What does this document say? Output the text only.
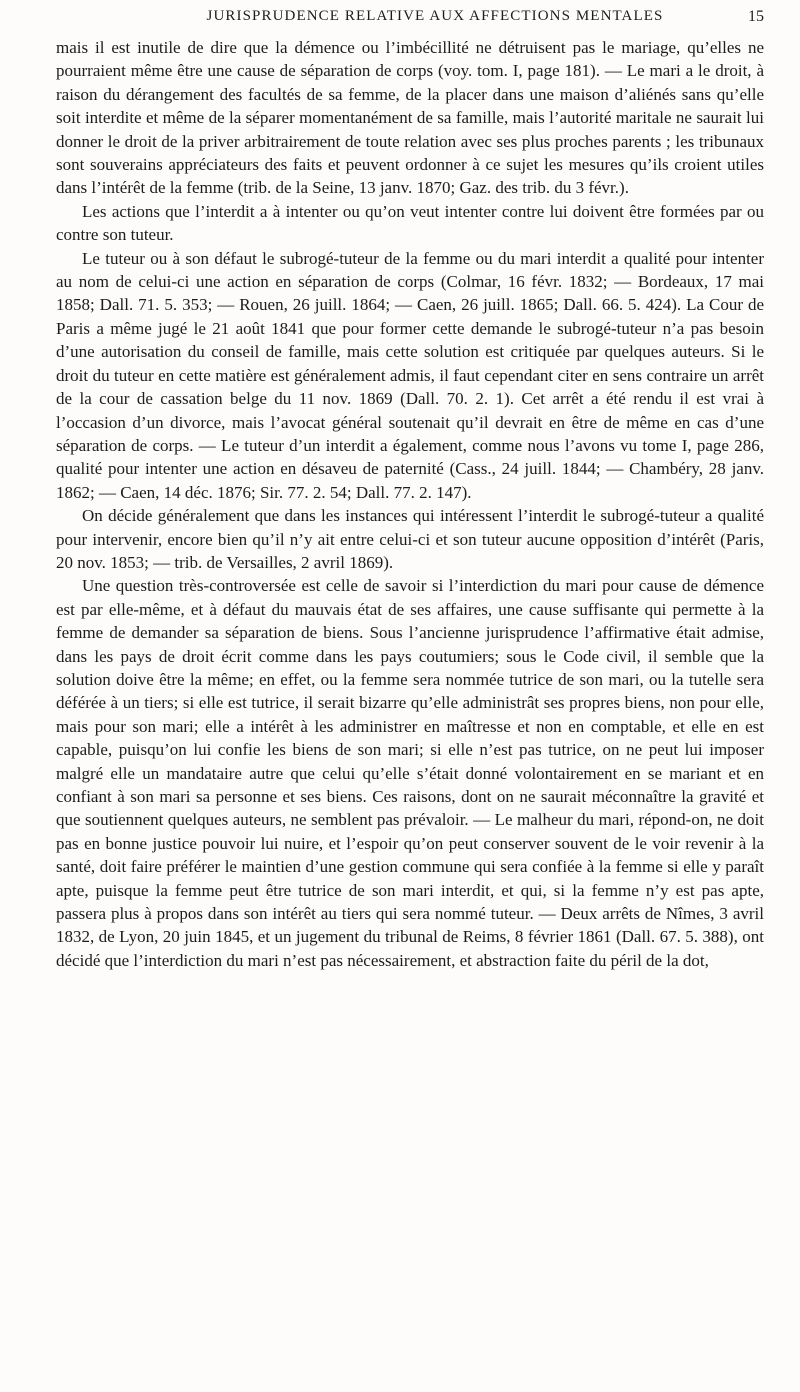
JURISPRUDENCE RELATIVE AUX AFFECTIONS MENTALES	15

mais il est inutile de dire que la démence ou l’imbécillité ne détruisent pas le mariage, qu’elles ne pourraient même être une cause de séparation de corps (voy. tom. I, page 181). — Le mari a le droit, à raison du dérangement des facultés de sa femme, de la placer dans une maison d’aliénés sans qu’elle soit interdite et même de la séparer momentanément de sa famille, mais l’autorité maritale ne saurait lui donner le droit de la priver arbitrairement de toute relation avec ses plus proches parents ; les tribunaux sont souverains appréciateurs des faits et peuvent ordonner à ce sujet les mesures qu’ils croient utiles dans l’intérêt de la femme (trib. de la Seine, 13 janv. 1870; Gaz. des trib. du 3 févr.).

Les actions que l’interdit a à intenter ou qu’on veut intenter contre lui doivent être formées par ou contre son tuteur.

Le tuteur ou à son défaut le subrogé-tuteur de la femme ou du mari interdit a qualité pour intenter au nom de celui-ci une action en séparation de corps (Colmar, 16 févr. 1832; — Bordeaux, 17 mai 1858; Dall. 71. 5. 353; — Rouen, 26 juill. 1864; — Caen, 26 juill. 1865; Dall. 66. 5. 424). La Cour de Paris a même jugé le 21 août 1841 que pour former cette demande le subrogé-tuteur n’a pas besoin d’une autorisation du conseil de famille, mais cette solution est critiquée par quelques auteurs. Si le droit du tuteur en cette matière est généralement admis, il faut cependant citer en sens contraire un arrêt de la cour de cassation belge du 11 nov. 1869 (Dall. 70. 2. 1). Cet arrêt a été rendu il est vrai à l’occasion d’un divorce, mais l’avocat général soutenait qu’il devrait en être de même en cas d’une séparation de corps. — Le tuteur d’un interdit a également, comme nous l’avons vu tome I, page 286, qualité pour intenter une action en désaveu de paternité (Cass., 24 juill. 1844; — Chambéry, 28 janv. 1862; — Caen, 14 déc. 1876; Sir. 77. 2. 54; Dall. 77. 2. 147).

On décide généralement que dans les instances qui intéressent l’interdit le subrogé-tuteur a qualité pour intervenir, encore bien qu’il n’y ait entre celui-ci et son tuteur aucune opposition d’intérêt (Paris, 20 nov. 1853; — trib. de Versailles, 2 avril 1869).

Une question très-controversée est celle de savoir si l’interdiction du mari pour cause de démence est par elle-même, et à défaut du mauvais état de ses affaires, une cause suffisante qui permette à la femme de demander sa séparation de biens. Sous l’ancienne jurisprudence l’affirmative était admise, dans les pays de droit écrit comme dans les pays coutumiers; sous le Code civil, il semble que la solution doive être la même; en effet, ou la femme sera nommée tutrice de son mari, ou la tutelle sera déférée à un tiers; si elle est tutrice, il serait bizarre qu’elle administrât ses propres biens, non pour elle, mais pour son mari; elle a intérêt à les administrer en maîtresse et non en comptable, et elle en est capable, puisqu’on lui confie les biens de son mari; si elle n’est pas tutrice, on ne peut lui imposer malgré elle un mandataire autre que celui qu’elle s’était donné volontairement en se mariant et en confiant à son mari sa personne et ses biens. Ces raisons, dont on ne saurait méconnaître la gravité et que soutiennent quelques auteurs, ne semblent pas prévaloir. — Le malheur du mari, répond-on, ne doit pas en bonne justice pouvoir lui nuire, et l’espoir qu’on peut conserver souvent de le voir revenir à la santé, doit faire préférer le maintien d’une gestion commune qui sera confiée à la femme si elle y paraît apte, puisque la femme peut être tutrice de son mari interdit, et qui, si la femme n’y est pas apte, passera plus à propos dans son intérêt au tiers qui sera nommé tuteur. — Deux arrêts de Nîmes, 3 avril 1832, de Lyon, 20 juin 1845, et un jugement du tribunal de Reims, 8 février 1861 (Dall. 67. 5. 388), ont décidé que l’interdiction du mari n’est pas nécessairement, et abstraction faite du péril de la dot,
